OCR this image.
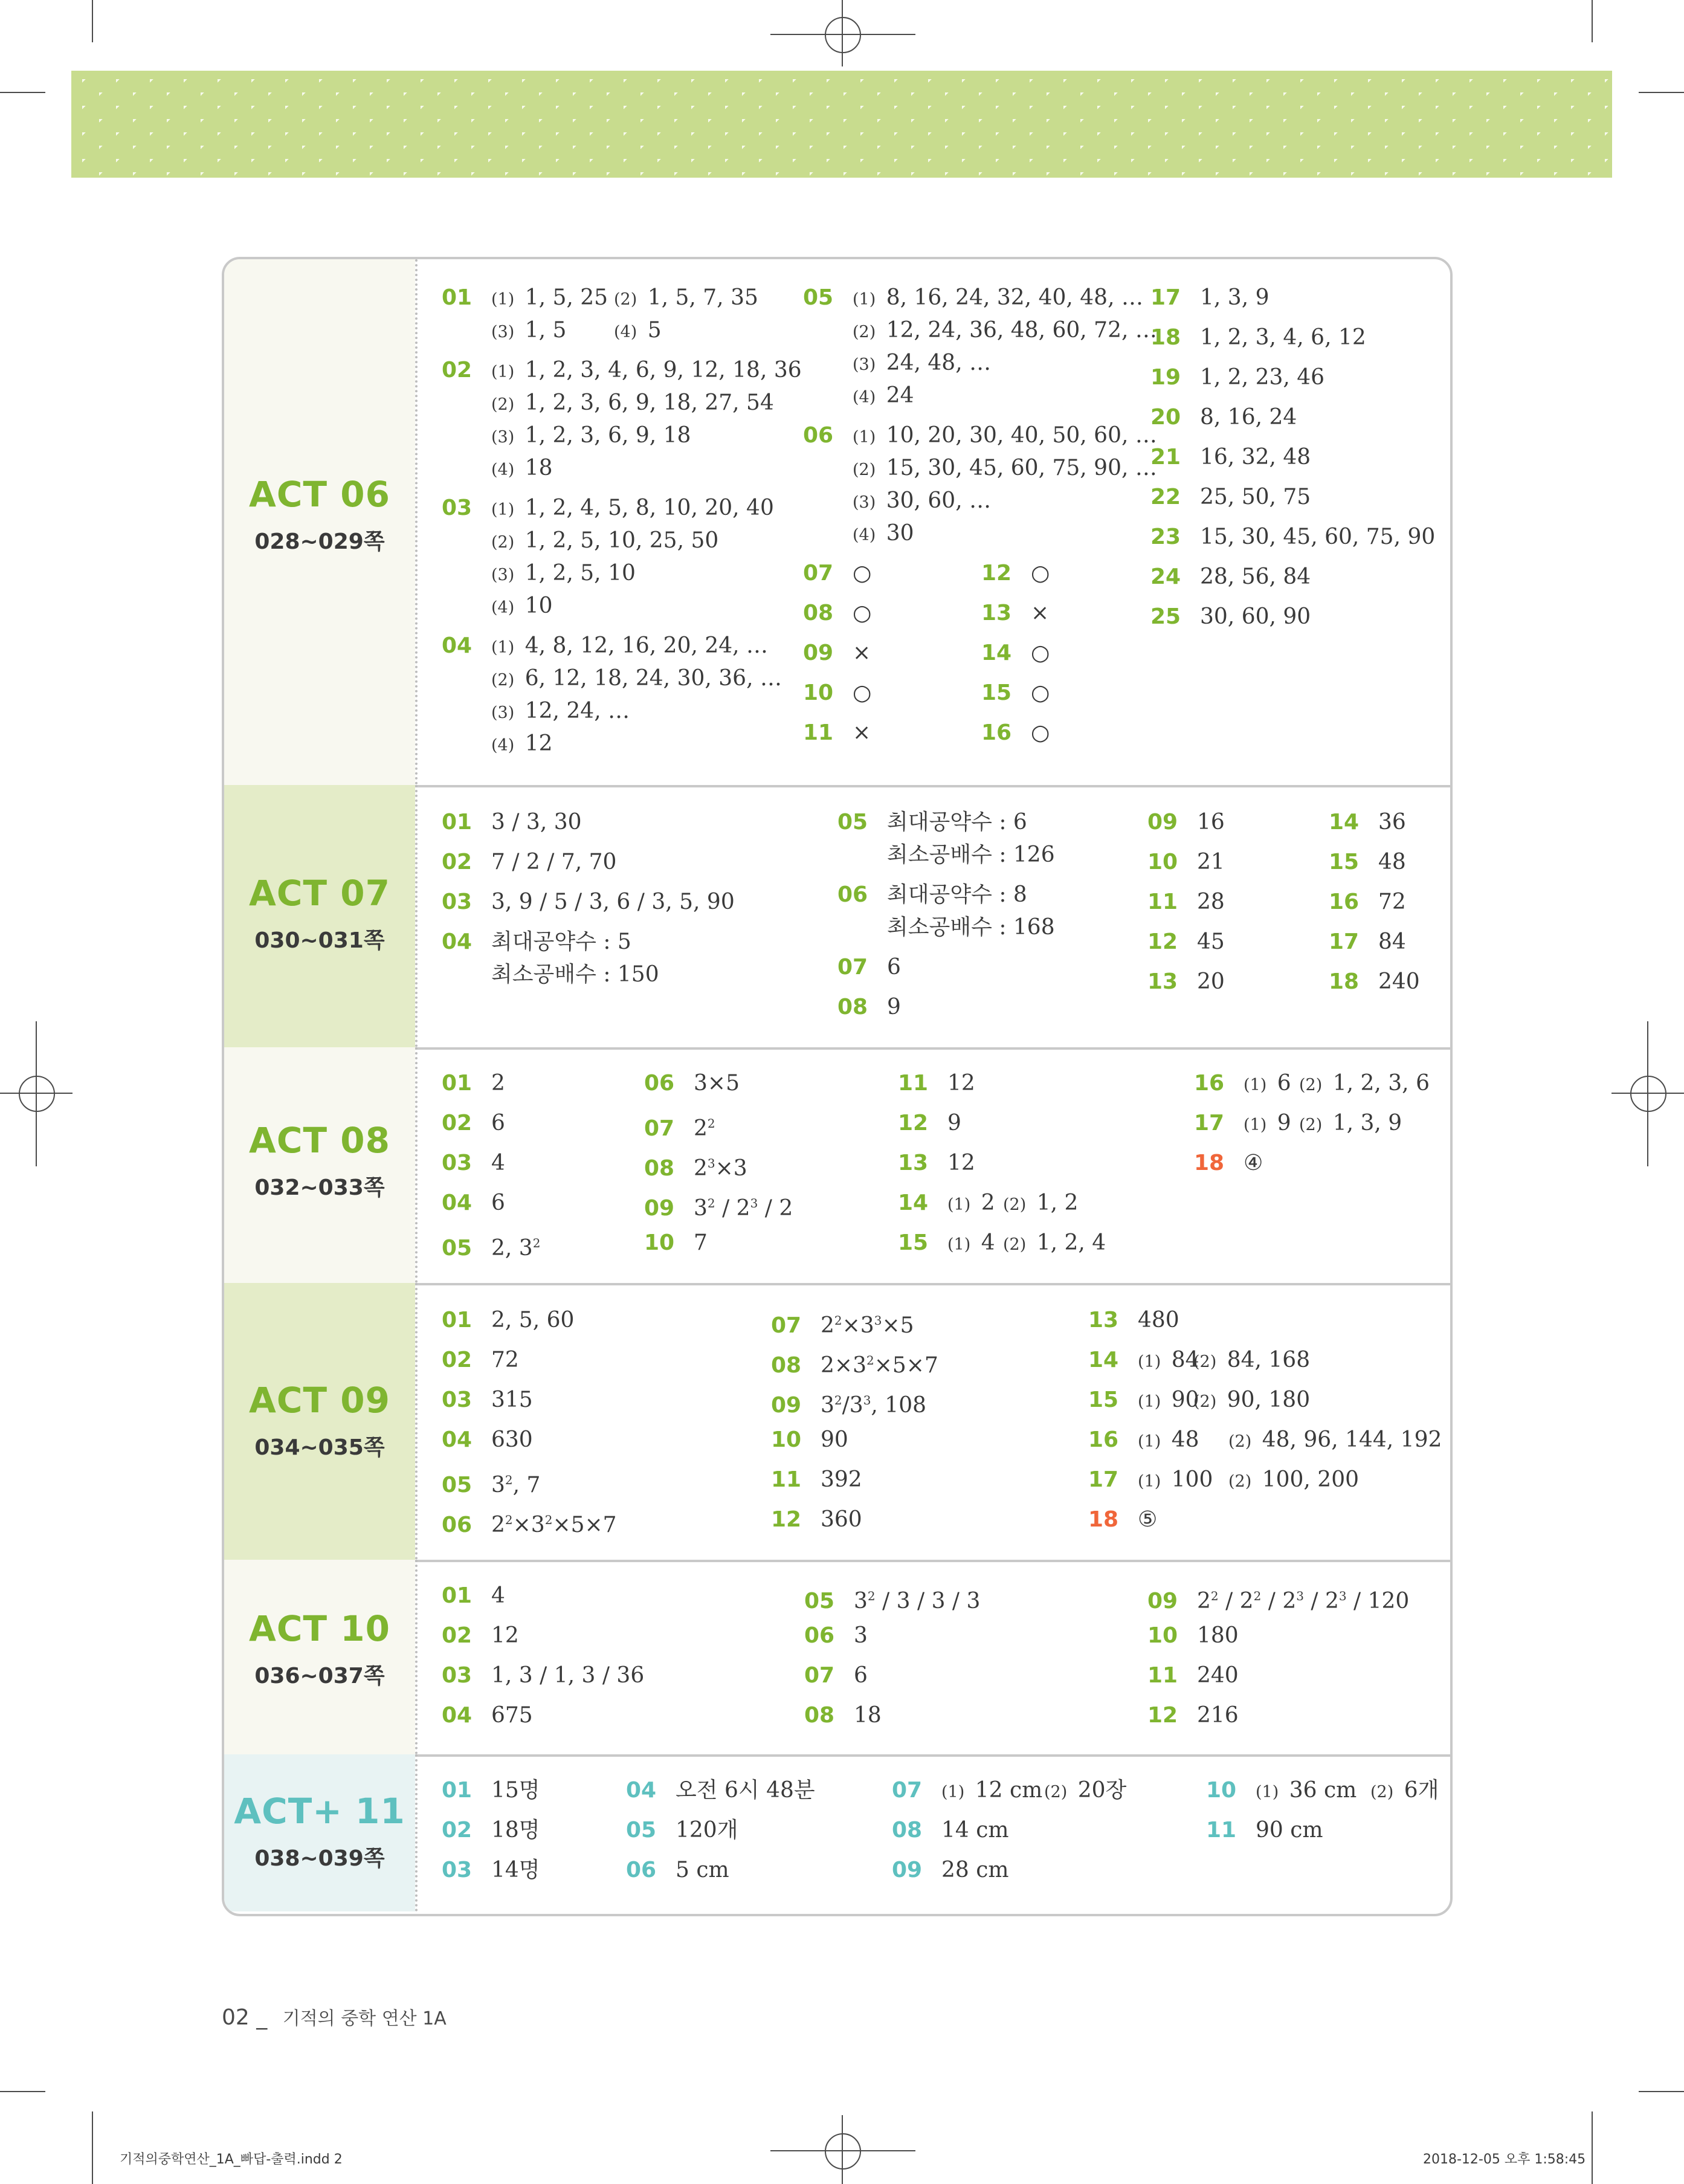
ACT 06
028~029쪽
01 (1) 1, 5, 25 (2) 1, 5, 7, 35
(3) 1, 5	(4) 5
02 (1) 1, 2, 3, 4, 6, 9, 12, 18, 36
(2) 1, 2, 3, 6, 9, 18, 27, 54
(3) 1, 2, 3, 6, 9, 18
(4) 18
03 (1) 1, 2, 4, 5, 8, 10, 20, 40
(2) 1, 2, 5, 10, 25, 50
(3) 1, 2, 5, 10
(4) 10
04 (1) 4, 8, 12, 16, 20, 24, …
(2) 6, 12, 18, 24, 30, 36, …
(3) 12, 24, …
(4) 12
05 (1) 8, 16, 24, 32, 40, 48, …
(2) 12, 24, 36, 48, 60, 72, …
(3) 24, 48, …
(4) 24
06 (1) 10, 20, 30, 40, 50, 60, …
(2) 15, 30, 45, 60, 75, 90, …
(3) 30, 60, …
(4) 30
07 ○
08 ○
09 ×
10 ○
11 ×
12 ○
13 ×
14 ○
15 ○
16 ○
17 1, 3, 9
18 1, 2, 3, 4, 6, 12
19 1, 2, 23, 46
20 8, 16, 24
21 16, 32, 48
22 25, 50, 75
23 15, 30, 45, 60, 75, 90
24 28, 56, 84
25 30, 60, 90
ACT 07
030~031쪽
01 3 / 3, 30
02 7 / 2 / 7, 70
03 3, 9 / 5 / 3, 6 / 3, 5, 90
04 최대공약수 : 5
최소공배수 : 150
05 최대공약수 : 6
최소공배수 : 126
06 최대공약수 : 8
최소공배수 : 168
07 6
08 9
09 16
10 21
11 28
12 45
13 20
14 36
15 48
16 72
17 84
18 240
ACT 08
032~033쪽
01 2
02 6
03 4
04 6
05 2, $3^2$
06 3×5
07 $2^2$
08 $2^3\times 3$
09 $3^2 / 2^3 / 2$
10 7
11 12
12 9
13 12
14 (1) 2 (2) 1, 2
15 (1) 4 (2) 1, 2, 4
16 (1) 6 (2) 1, 2, 3, 6
17 (1) 9 (2) 1, 3, 9
18 ④
ACT 09
034~035쪽
01 2, 5, 60
02 72
03 315
04 630
05 $3^2$, 7
06 $2^2\times 3^2\times 5\times 7$
07 $2^2\times 3^3\times 5$
08 $2\times 3^2\times 5\times 7$
09 $3^2/3^3$, 108
10 90
11 392
12 360
13 480
14 (1) 84
(2) 84, 168
15 (1) 90
(2) 90, 180
16 (1) 48 (2) 48, 96, 144, 192
17 (1) 100 (2) 100, 200
18 ⑤
ACT 10
036~037쪽
01 4
02 12
03 1, 3 / 1, 3 / 36
04 675
05 $3^2 / 3 / 3 / 3$
06 3
07 6
08 18
09 $2^2 / 2^2 / 2^3 / 2^3 / 120$
10 180
11 240
12 216
ACT+ 11
038~039쪽
01 15명
02 18명
03 14명
04 오전 6시 48분
05 120개
06 5 cm
07 (1) 12 cm (2) 20장
08 14 cm
09 28 cm
10 (1) 36 cm (2) 6개
11 90 cm
02 _ 기적의 중학 연산 1A
기적의중학연산_1A_빠답-출력.indd 2	2018-12-05 오후 1:58:45
